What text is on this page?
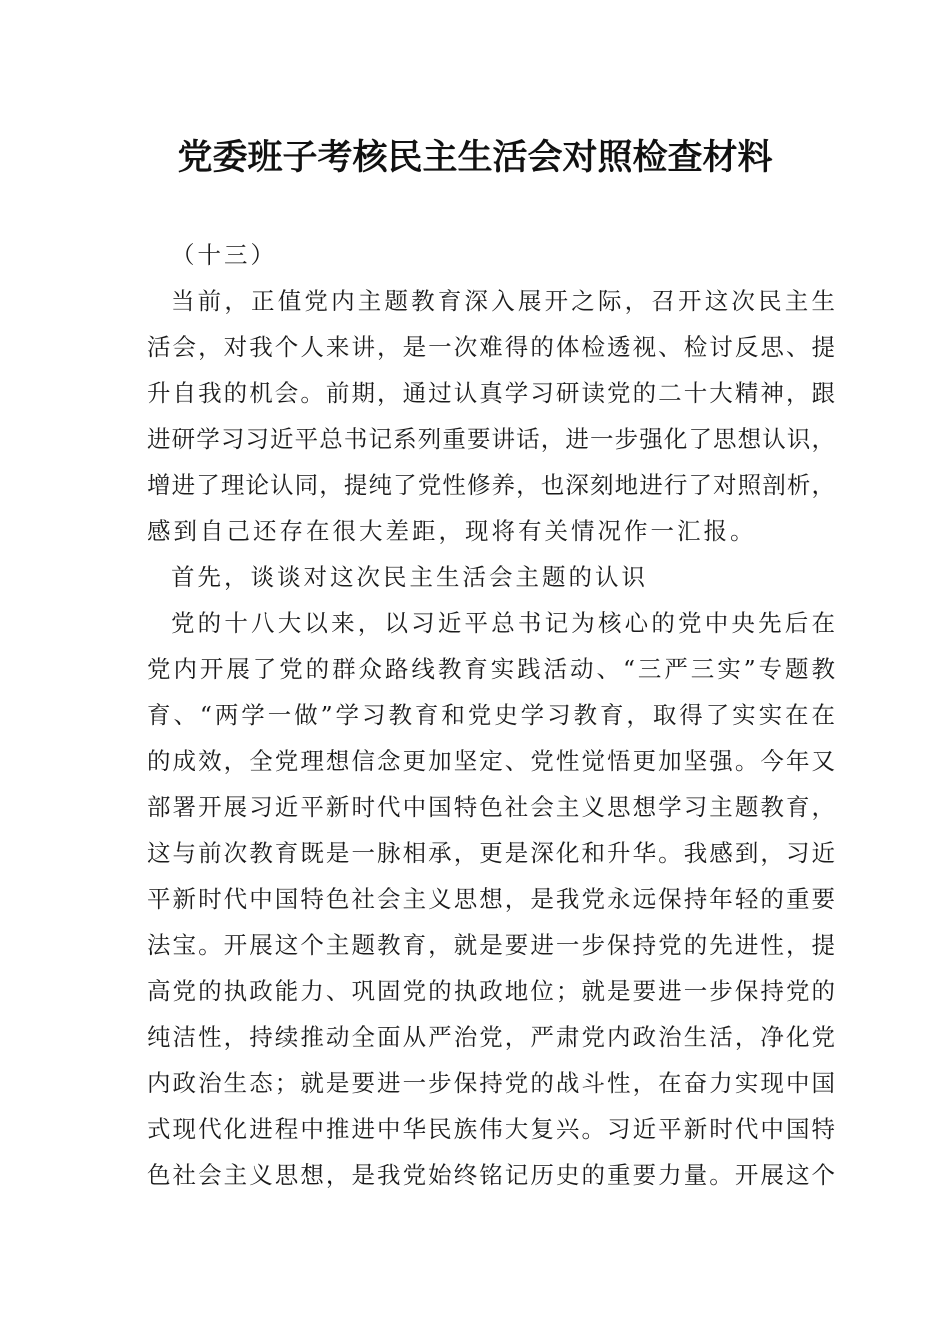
党委班子考核民主生活会对照检查材料
（十三）
当前，正值党内主题教育深入展开之际，召开这次民主生
活会，对我个人来讲，是一次难得的体检透视、检讨反思、提
升自我的机会。前期，通过认真学习研读党的二十大精神，跟
进研学习习近平总书记系列重要讲话，进一步强化了思想认识，
增进了理论认同，提纯了党性修养，也深刻地进行了对照剖析，
感到自己还存在很大差距，现将有关情况作一汇报。
首先，谈谈对这次民主生活会主题的认识
党的十八大以来，以习近平总书记为核心的党中央先后在
党内开展了党的群众路线教育实践活动、“三严三实”专题教
育、“两学一做”学习教育和党史学习教育，取得了实实在在
的成效，全党理想信念更加坚定、党性觉悟更加坚强。今年又
部署开展习近平新时代中国特色社会主义思想学习主题教育，
这与前次教育既是一脉相承，更是深化和升华。我感到，习近
平新时代中国特色社会主义思想，是我党永远保持年轻的重要
法宝。开展这个主题教育，就是要进一步保持党的先进性，提
高党的执政能力、巩固党的执政地位；就是要进一步保持党的
纯洁性，持续推动全面从严治党，严肃党内政治生活，净化党
内政治生态；就是要进一步保持党的战斗性，在奋力实现中国
式现代化进程中推进中华民族伟大复兴。习近平新时代中国特
色社会主义思想，是我党始终铭记历史的重要力量。开展这个
